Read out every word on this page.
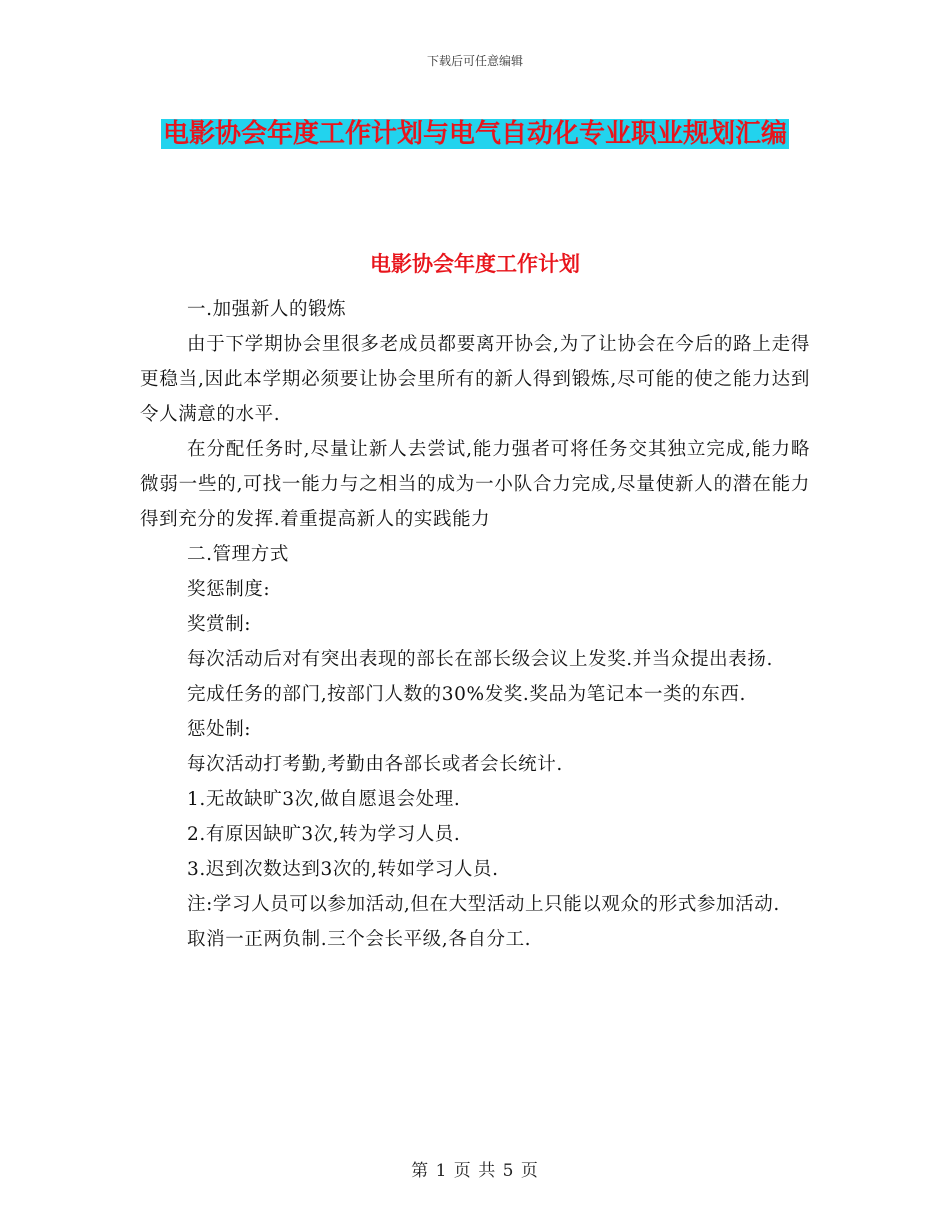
下载后可任意编辑
电影协会年度工作计划与电气自动化专业职业规划汇编
电影协会年度工作计划

一.加强新人的锻炼

由于下学期协会里很多老成员都要离开协会,为了让协会在今后的路上走得更稳当,因此本学期必须要让协会里所有的新人得到锻炼,尽可能的使之能力达到令人满意的水平.

在分配任务时,尽量让新人去尝试,能力强者可将任务交其独立完成,能力略微弱一些的,可找一能力与之相当的成为一小队合力完成,尽量使新人的潜在能力得到充分的发挥.着重提高新人的实践能力

二.管理方式

奖惩制度:

奖赏制:

每次活动后对有突出表现的部长在部长级会议上发奖.并当众提出表扬.

完成任务的部门,按部门人数的30%发奖.奖品为笔记本一类的东西.

惩处制:

每次活动打考勤,考勤由各部长或者会长统计.

1.无故缺旷3次,做自愿退会处理.

2.有原因缺旷3次,转为学习人员.

3.迟到次数达到3次的,转如学习人员.

注:学习人员可以参加活动,但在大型活动上只能以观众的形式参加活动.

取消一正两负制.三个会长平级,各自分工.

第 1 页 共 5 页
